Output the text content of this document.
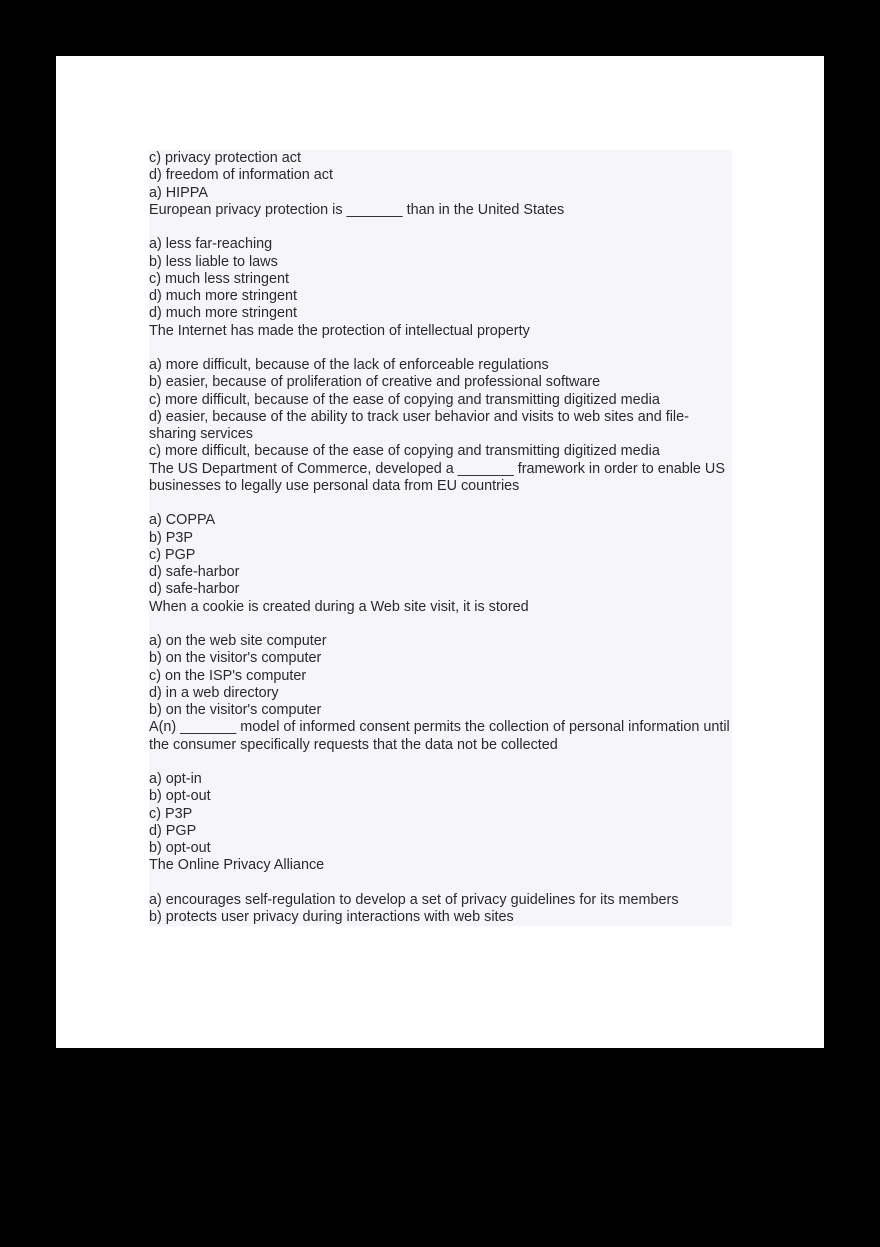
c) privacy protection act
d) freedom of information act
a) HIPPA
European privacy protection is _______ than in the United States
a) less far-reaching
b) less liable to laws
c) much less stringent
d) much more stringent
d) much more stringent
The Internet has made the protection of intellectual property
a) more difficult, because of the lack of enforceable regulations
b) easier, because of proliferation of creative and professional software
c) more difficult, because of the ease of copying and transmitting digitized media
d) easier, because of the ability to track user behavior and visits to web sites and file-sharing services
c) more difficult, because of the ease of copying and transmitting digitized media
The US Department of Commerce, developed a _______ framework in order to enable US businesses to legally use personal data from EU countries
a) COPPA
b) P3P
c) PGP
d) safe-harbor
d) safe-harbor
When a cookie is created during a Web site visit, it is stored
a) on the web site computer
b) on the visitor's computer
c) on the ISP's computer
d) in a web directory
b) on the visitor's computer
A(n) _______ model of informed consent permits the collection of personal information until the consumer specifically requests that the data not be collected
a) opt-in
b) opt-out
c) P3P
d) PGP
b) opt-out
The Online Privacy Alliance
a) encourages self-regulation to develop a set of privacy guidelines for its members
b) protects user privacy during interactions with web sites
